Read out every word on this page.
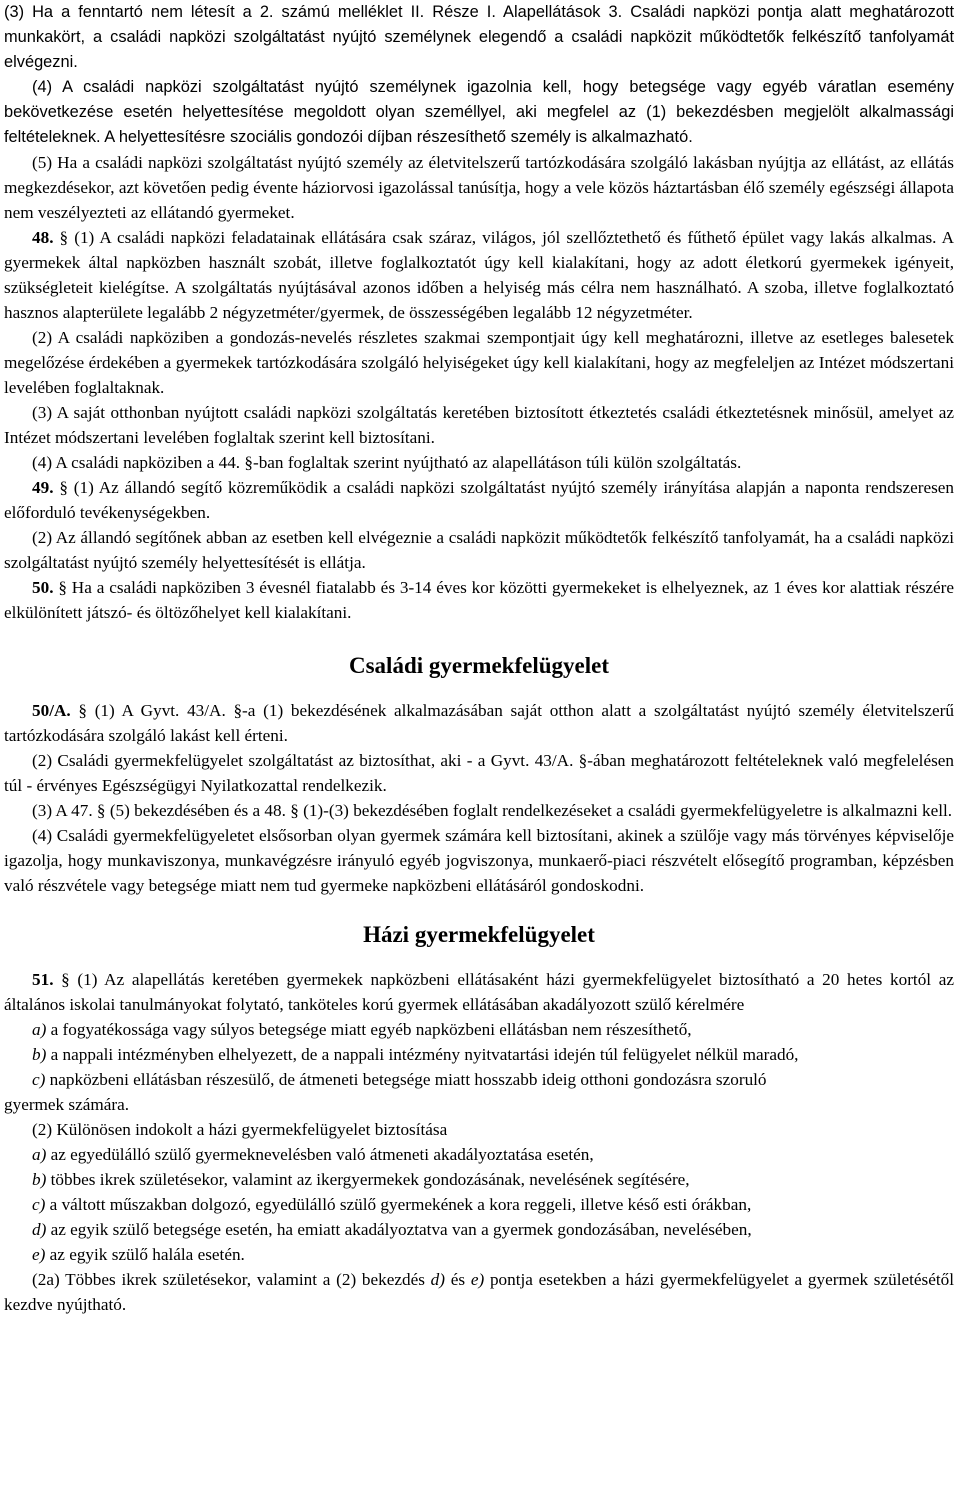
(3) Ha a fenntartó nem létesít a 2. számú melléklet II. Része I. Alapellátások 3. Családi napközi pontja alatt meghatározott munkakört, a családi napközi szolgáltatást nyújtó személynek elegendő a családi napközit működtetők felkészítő tanfolyamát elvégezni.

(4) A családi napközi szolgáltatást nyújtó személynek igazolnia kell, hogy betegsége vagy egyéb váratlan esemény bekövetkezése esetén helyettesítése megoldott olyan személlyel, aki megfelel az (1) bekezdésben megjelölt alkalmassági feltételeknek. A helyettesítésre szociális gondozói díjban részesíthető személy is alkalmazható.

(5) Ha a családi napközi szolgáltatást nyújtó személy az életvitelszerű tartózkodására szolgáló lakásban nyújtja az ellátást, az ellátás megkezdésekor, azt követően pedig évente háziorvosi igazolással tanúsítja, hogy a vele közös háztartásban élő személy egészségi állapota nem veszélyezteti az ellátandó gyermeket.

48. § (1) A családi napközi feladatainak ellátására csak száraz, világos, jól szellőztethető és fűthető épület vagy lakás alkalmas. A gyermekek által napközben használt szobát, illetve foglalkoztatót úgy kell kialakítani, hogy az adott életkorú gyermekek igényeit, szükségleteit kielégítse. A szolgáltatás nyújtásával azonos időben a helyiség más célra nem használható. A szoba, illetve foglalkoztató hasznos alapterülete legalább 2 négyzetméter/gyermek, de összességében legalább 12 négyzetméter.

(2) A családi napköziben a gondozás-nevelés részletes szakmai szempontjait úgy kell meghatározni, illetve az esetleges balesetek megelőzése érdekében a gyermekek tartózkodására szolgáló helyiségeket úgy kell kialakítani, hogy az megfeleljen az Intézet módszertani levelében foglaltaknak.

(3) A saját otthonban nyújtott családi napközi szolgáltatás keretében biztosított étkeztetés családi étkeztetésnek minősül, amelyet az Intézet módszertani levelében foglaltak szerint kell biztosítani.

(4) A családi napköziben a 44. §-ban foglaltak szerint nyújtható az alapellátáson túli külön szolgáltatás.

49. § (1) Az állandó segítő közreműködik a családi napközi szolgáltatást nyújtó személy irányítása alapján a naponta rendszeresen előforduló tevékenységekben.

(2) Az állandó segítőnek abban az esetben kell elvégeznie a családi napközit működtetők felkészítő tanfolyamát, ha a családi napközi szolgáltatást nyújtó személy helyettesítését is ellátja.

50. § Ha a családi napköziben 3 évesnél fiatalabb és 3-14 éves kor közötti gyermekeket is elhelyeznek, az 1 éves kor alattiak részére elkülönített játszó- és öltözőhelyet kell kialakítani.

Családi gyermekfelügyelet

50/A. § (1) A Gyvt. 43/A. §-a (1) bekezdésének alkalmazásában saját otthon alatt a szolgáltatást nyújtó személy életvitelszerű tartózkodására szolgáló lakást kell érteni.

(2) Családi gyermekfelügyelet szolgáltatást az biztosíthat, aki - a Gyvt. 43/A. §-ában meghatározott feltételeknek való megfelelésen túl - érvényes Egészségügyi Nyilatkozattal rendelkezik.

(3) A 47. § (5) bekezdésében és a 48. § (1)-(3) bekezdésében foglalt rendelkezéseket a családi gyermekfelügyeletre is alkalmazni kell.

(4) Családi gyermekfelügyeletet elsősorban olyan gyermek számára kell biztosítani, akinek a szülője vagy más törvényes képviselője igazolja, hogy munkaviszonya, munkavégzésre irányuló egyéb jogviszonya, munkaerő-piaci részvételt elősegítő programban, képzésben való részvétele vagy betegsége miatt nem tud gyermeke napközbeni ellátásáról gondoskodni.

Házi gyermekfelügyelet

51. § (1) Az alapellátás keretében gyermekek napközbeni ellátásaként házi gyermekfelügyelet biztosítható a 20 hetes kortól az általános iskolai tanulmányokat folytató, tanköteles korú gyermek ellátásában akadályozott szülő kérelmére

a) a fogyatékossága vagy súlyos betegsége miatt egyéb napközbeni ellátásban nem részesíthető,

b) a nappali intézményben elhelyezett, de a nappali intézmény nyitvatartási idején túl felügyelet nélkül maradó,

c) napközbeni ellátásban részesülő, de átmeneti betegsége miatt hosszabb ideig otthoni gondozásra szoruló

gyermek számára.

(2) Különösen indokolt a házi gyermekfelügyelet biztosítása

a) az egyedülálló szülő gyermeknevelésben való átmeneti akadályoztatása esetén,

b) többes ikrek születésekor, valamint az ikergyermekek gondozásának, nevelésének segítésére,

c) a váltott műszakban dolgozó, egyedülálló szülő gyermekének a kora reggeli, illetve késő esti órákban,

d) az egyik szülő betegsége esetén, ha emiatt akadályoztatva van a gyermek gondozásában, nevelésében,

e) az egyik szülő halála esetén.

(2a) Többes ikrek születésekor, valamint a (2) bekezdés d) és e) pontja esetekben a házi gyermekfelügyelet a gyermek születésétől kezdve nyújtható.
